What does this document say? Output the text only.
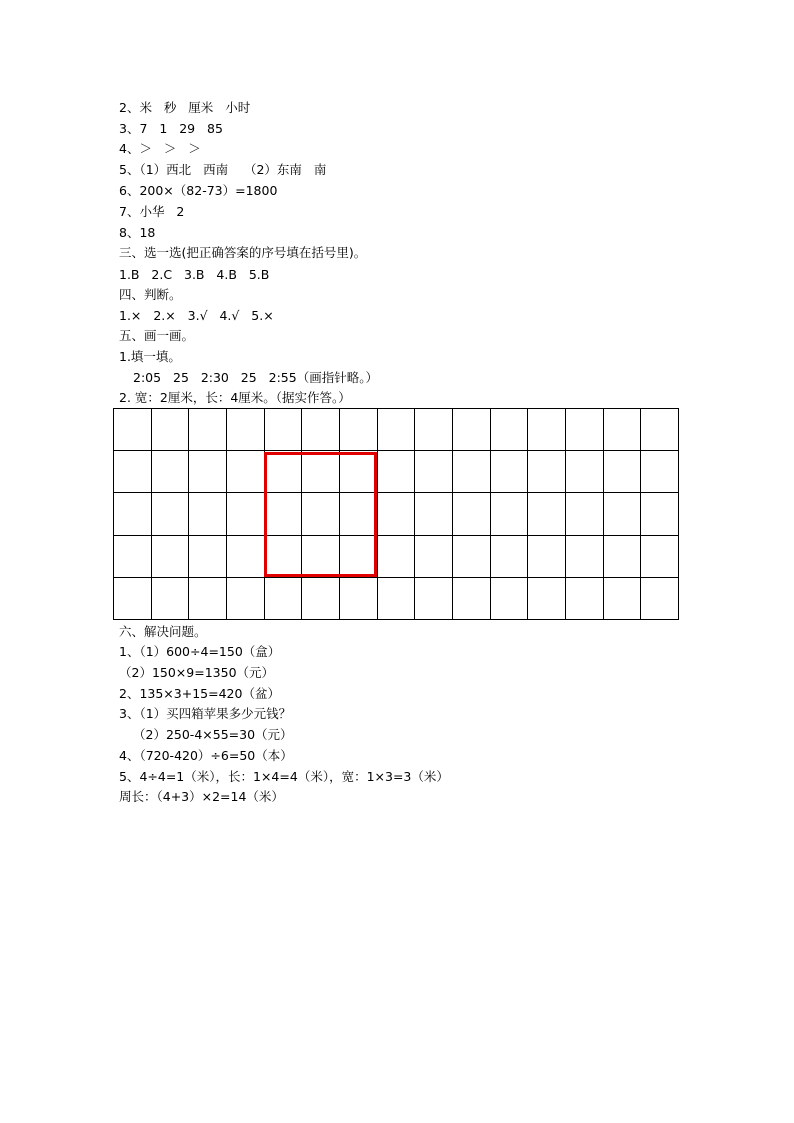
2、米   秒   厘米   小时
3、7   1   29   85
4、＞   ＞   ＞
5、（1）西北   西南    （2）东南   南
6、200×（82-73）=1800
7、小华   2
8、18
三、选一选(把正确答案的序号填在括号里)。
1.B   2.C   3.B   4.B   5.B
四、判断。
1.×   2.×   3.√   4.√   5.×
五、画一画。
1.填一填。
2:05   25   2:30   25   2:55（画指针略。）
2. 宽：2厘米，长：4厘米。（据实作答。）

六、解决问题。
1、（1）600÷4=150（盒）
（2）150×9=1350（元）
2、135×3+15=420（盆）
3、（1）买四箱苹果多少元钱？
（2）250-4×55=30（元）
4、（720-420）÷6=50（本）
5、4÷4=1（米），长：1×4=4（米），宽：1×3=3（米）
周长：（4+3）×2=14（米）
